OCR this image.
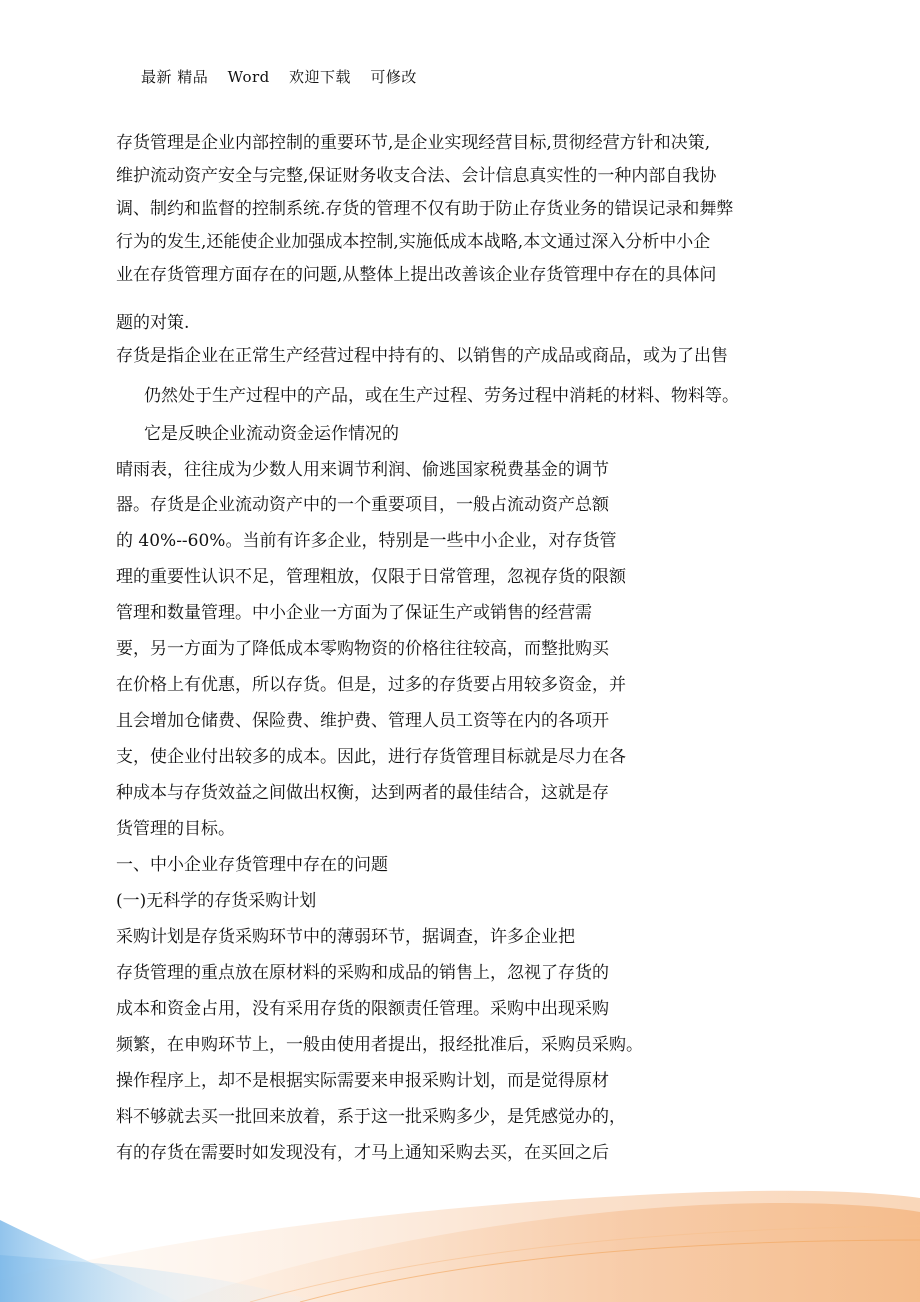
最新 精品 Word 欢迎下载 可修改
存货管理是企业内部控制的重要环节,是企业实现经营目标,贯彻经营方针和决策,
维护流动资产安全与完整,保证财务收支合法、会计信息真实性的一种内部自我协
调、制约和监督的控制系统.存货的管理不仅有助于防止存货业务的错误记录和舞弊
行为的发生,还能使企业加强成本控制,实施低成本战略,本文通过深入分析中小企
业在存货管理方面存在的问题,从整体上提出改善该企业存货管理中存在的具体问
题的对策.
存货是指企业在正常生产经营过程中持有的、以销售的产成品或商品，或为了出售
仍然处于生产过程中的产品，或在生产过程、劳务过程中消耗的材料、物料等。
它是反映企业流动资金运作情况的
晴雨表，往往成为少数人用来调节利润、偷逃国家税费基金的调节
器。存货是企业流动资产中的一个重要项目，一般占流动资产总额
的 40%--60%。当前有许多企业，特别是一些中小企业，对存货管
理的重要性认识不足，管理粗放，仅限于日常管理，忽视存货的限额
管理和数量管理。中小企业一方面为了保证生产或销售的经营需
要，另一方面为了降低成本零购物资的价格往往较高，而整批购买
在价格上有优惠，所以存货。但是，过多的存货要占用较多资金，并
且会增加仓储费、保险费、维护费、管理人员工资等在内的各项开
支，使企业付出较多的成本。因此，进行存货管理目标就是尽力在各
种成本与存货效益之间做出权衡，达到两者的最佳结合，这就是存
货管理的目标。
一、中小企业存货管理中存在的问题
(一)无科学的存货采购计划
采购计划是存货采购环节中的薄弱环节，据调查，许多企业把
存货管理的重点放在原材料的采购和成品的销售上，忽视了存货的
成本和资金占用，没有采用存货的限额责任管理。采购中出现采购
频繁，在申购环节上，一般由使用者提出，报经批准后，采购员采购。
操作程序上，却不是根据实际需要来申报采购计划，而是觉得原材
料不够就去买一批回来放着，系于这一批采购多少，是凭感觉办的，
有的存货在需要时如发现没有，才马上通知采购去买，在买回之后
